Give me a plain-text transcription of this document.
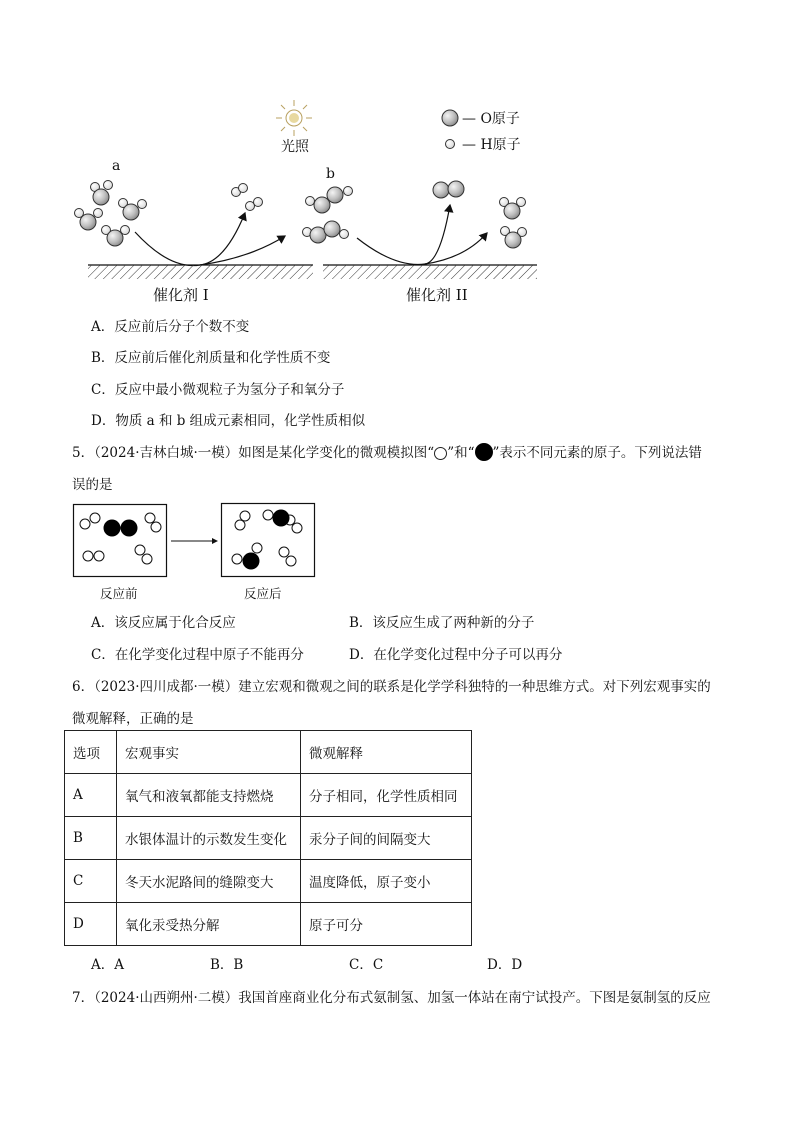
光照
— O原子
— H原子
a	b
催化剂 I	催化剂 II
A．反应前后分子个数不变
B．反应前后催化剂质量和化学性质不变
C．反应中最小微观粒子为氢分子和氧分子
D．物质 a 和 b 组成元素相同，化学性质相似
5．（2024·吉林白城·一模）如图是某化学变化的微观模拟图“ ”和“ ”表示不同元素的原子。下列说法错
误的是
反应前	反应后
A．该反应属于化合反应	B．该反应生成了两种新的分子
C．在化学变化过程中原子不能再分	D．在化学变化过程中分子可以再分
6．（2023·四川成都·一模）建立宏观和微观之间的联系是化学学科独特的一种思维方式。对下列宏观事实的
微观解释，正确的是
选项	宏观事实	微观解释
A	氧气和液氧都能支持燃烧	分子相同，化学性质相同
B	水银体温计的示数发生变化	汞分子间的间隔变大
C	冬天水泥路间的缝隙变大	温度降低，原子变小
D	氧化汞受热分解	原子可分
A．A	B．B	C．C	D．D
7．（2024·山西朔州·二模）我国首座商业化分布式氨制氢、加氢一体站在南宁试投产。下图是氨制氢的反应
